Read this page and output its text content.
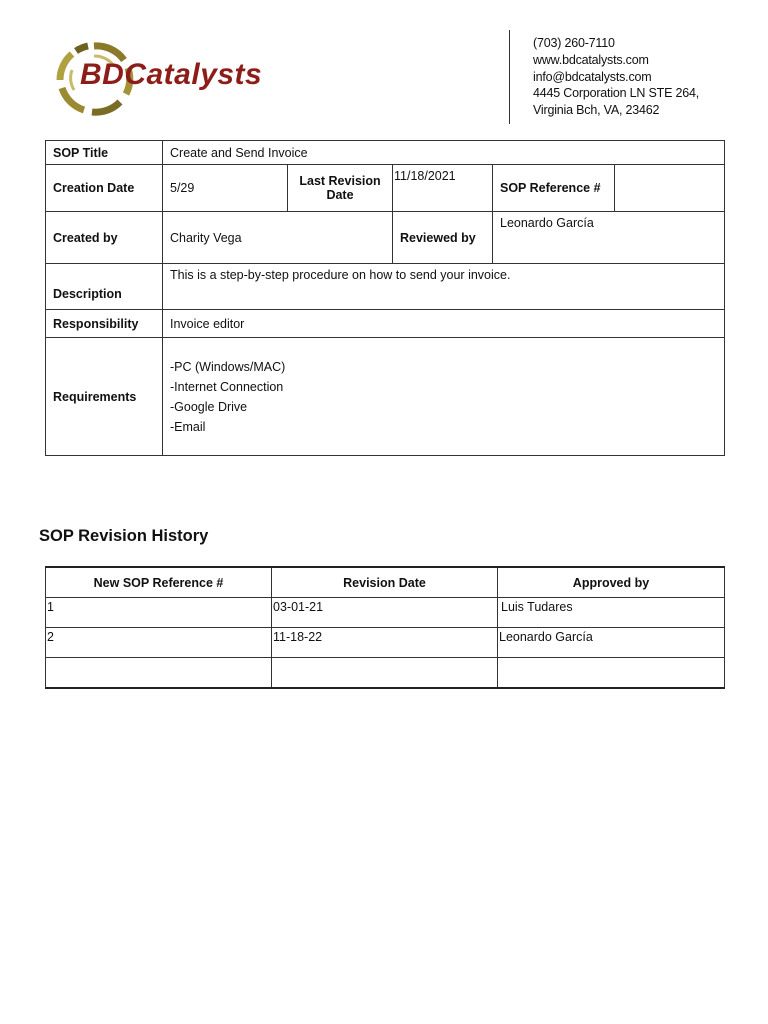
BDCatalysts
(703) 260-7110
www.bdcatalysts.com
info@bdcatalysts.com
4445 Corporation LN STE 264,
Virginia Bch, VA, 23462
SOP Title	Create and Send Invoice				
Creation Date	5/29	Last Revision Date	11/18/2021	SOP Reference #	
Created by	Charity Vega		Reviewed by	Leonardo García	
Description	This is a step-by-step procedure on how to send your invoice.				
Responsibility	Invoice editor				
Requirements	-PC (Windows/MAC)
-Internet Connection
-Google Drive
-Email				
SOP Revision History
New SOP Reference #	Revision Date	Approved by
1	03-01-21	Luis Tudares
2	11-18-22	Leonardo García
